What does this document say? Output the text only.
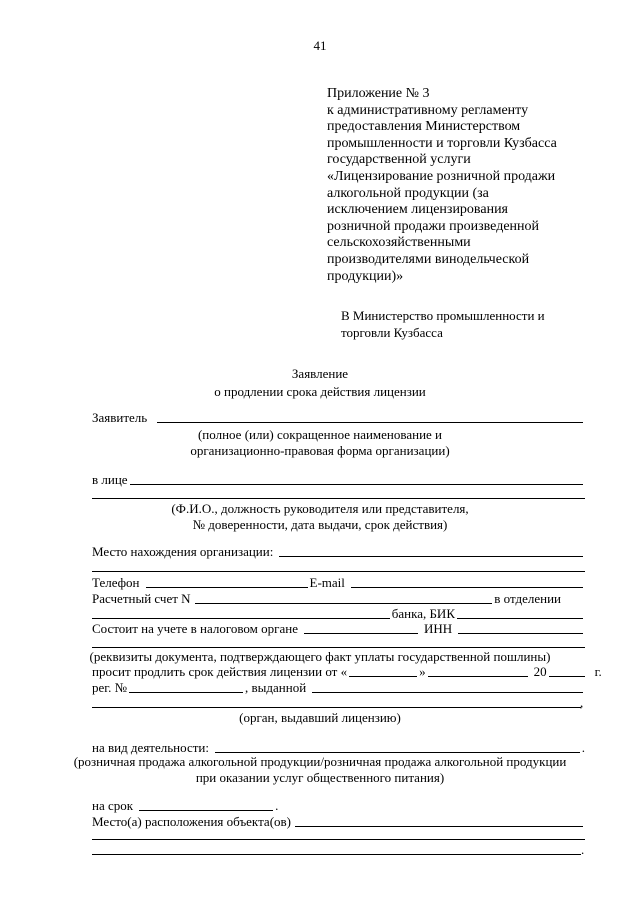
41
Приложение № 3
к административному регламенту
предоставления Министерством
промышленности и торговли Кузбасса
государственной услуги
«Лицензирование розничной продажи
алкогольной продукции (за
исключением лицензирования
розничной продажи произведенной
сельскохозяйственными
производителями винодельческой
продукции)»
В Министерство промышленности и
торговли Кузбасса
Заявление
о продлении срока действия лицензии
Заявитель
(полное (или) сокращенное наименование и
организационно-правовая форма организации)
в лице
(Ф.И.О., должность руководителя или представителя,
№ доверенности, дата выдачи, срок действия)
Место нахождения организации:
Телефон	E-mail
Расчетный счет N	в отделении
банка, БИК
Состоит на учете в налоговом органе	ИНН
(реквизиты документа, подтверждающего факт уплаты государственной пошлины)
просит продлить срок действия лицензии от «	»	20	г.
рег. №	, выданной
,
(орган, выдавший лицензию)
на вид деятельности:	.
(розничная продажа алкогольной продукции/розничная продажа алкогольной продукции
при оказании услуг общественного питания)
на срок	.
Место(а) расположения объекта(ов)
.
